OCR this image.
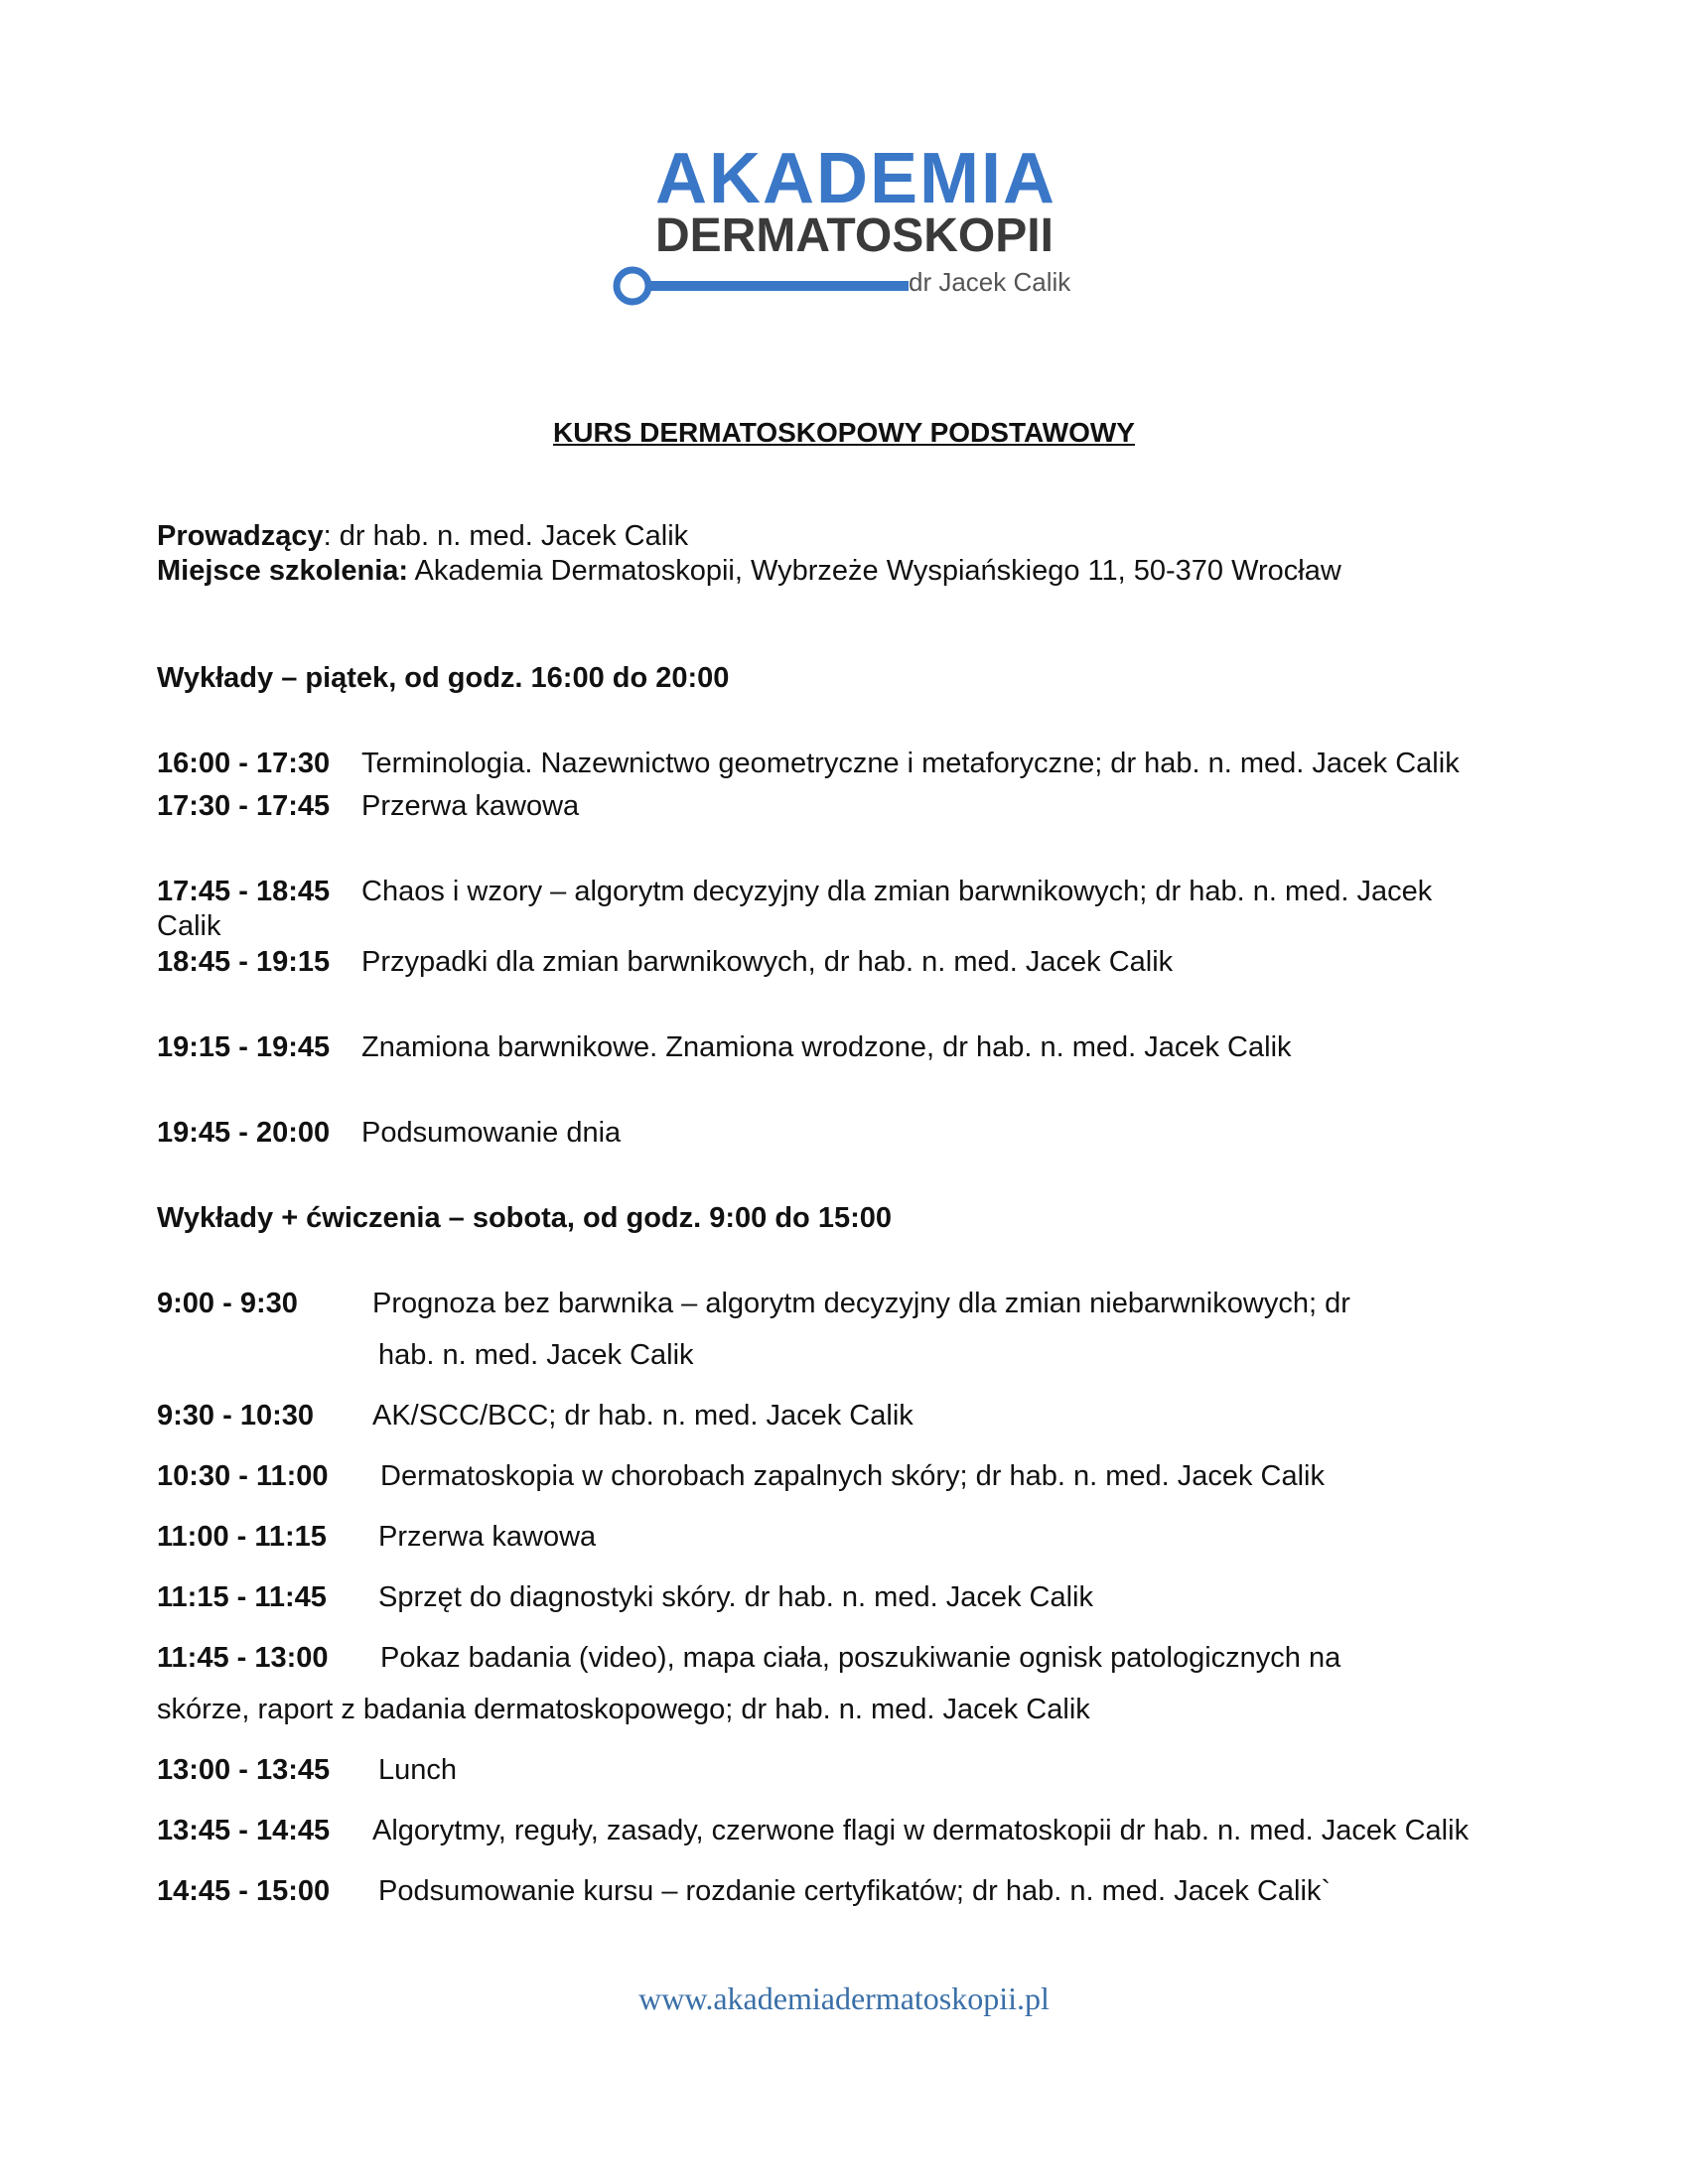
AKADEMIA
DERMATOSKOPII
dr Jacek Calik
KURS DERMATOSKOPOWY PODSTAWOWY
Prowadzący: dr hab. n. med. Jacek Calik
Miejsce szkolenia: Akademia Dermatoskopii, Wybrzeże Wyspiańskiego 11, 50-370 Wrocław
Wykłady – piątek, od godz. 16:00 do 20:00
16:00 - 17:30 Terminologia. Nazewnictwo geometryczne i metaforyczne; dr hab. n. med. Jacek Calik
17:30 - 17:45 Przerwa kawowa
17:45 - 18:45 Chaos i wzory – algorytm decyzyjny dla zmian barwnikowych; dr hab. n. med. Jacek
Calik
18:45 - 19:15 Przypadki dla zmian barwnikowych, dr hab. n. med. Jacek Calik
19:15 - 19:45 Znamiona barwnikowe. Znamiona wrodzone, dr hab. n. med. Jacek Calik
19:45 - 20:00 Podsumowanie dnia
Wykłady + ćwiczenia – sobota, od godz. 9:00 do 15:00
9:00 - 9:30	Prognoza bez barwnika – algorytm decyzyjny dla zmian niebarwnikowych; dr
hab. n. med. Jacek Calik
9:30 - 10:30 AK/SCC/BCC; dr hab. n. med. Jacek Calik
10:30 - 11:00 Dermatoskopia w chorobach zapalnych skóry; dr hab. n. med. Jacek Calik
11:00 - 11:15 Przerwa kawowa
11:15 - 11:45 Sprzęt do diagnostyki skóry. dr hab. n. med. Jacek Calik
11:45 - 13:00 Pokaz badania (video), mapa ciała, poszukiwanie ognisk patologicznych na
skórze, raport z badania dermatoskopowego; dr hab. n. med. Jacek Calik
13:00 - 13:45 Lunch
13:45 - 14:45 Algorytmy, reguły, zasady, czerwone flagi w dermatoskopii dr hab. n. med. Jacek Calik
14:45 - 15:00 Podsumowanie kursu – rozdanie certyfikatów; dr hab. n. med. Jacek Calik`
www.akademiadermatoskopii.pl
